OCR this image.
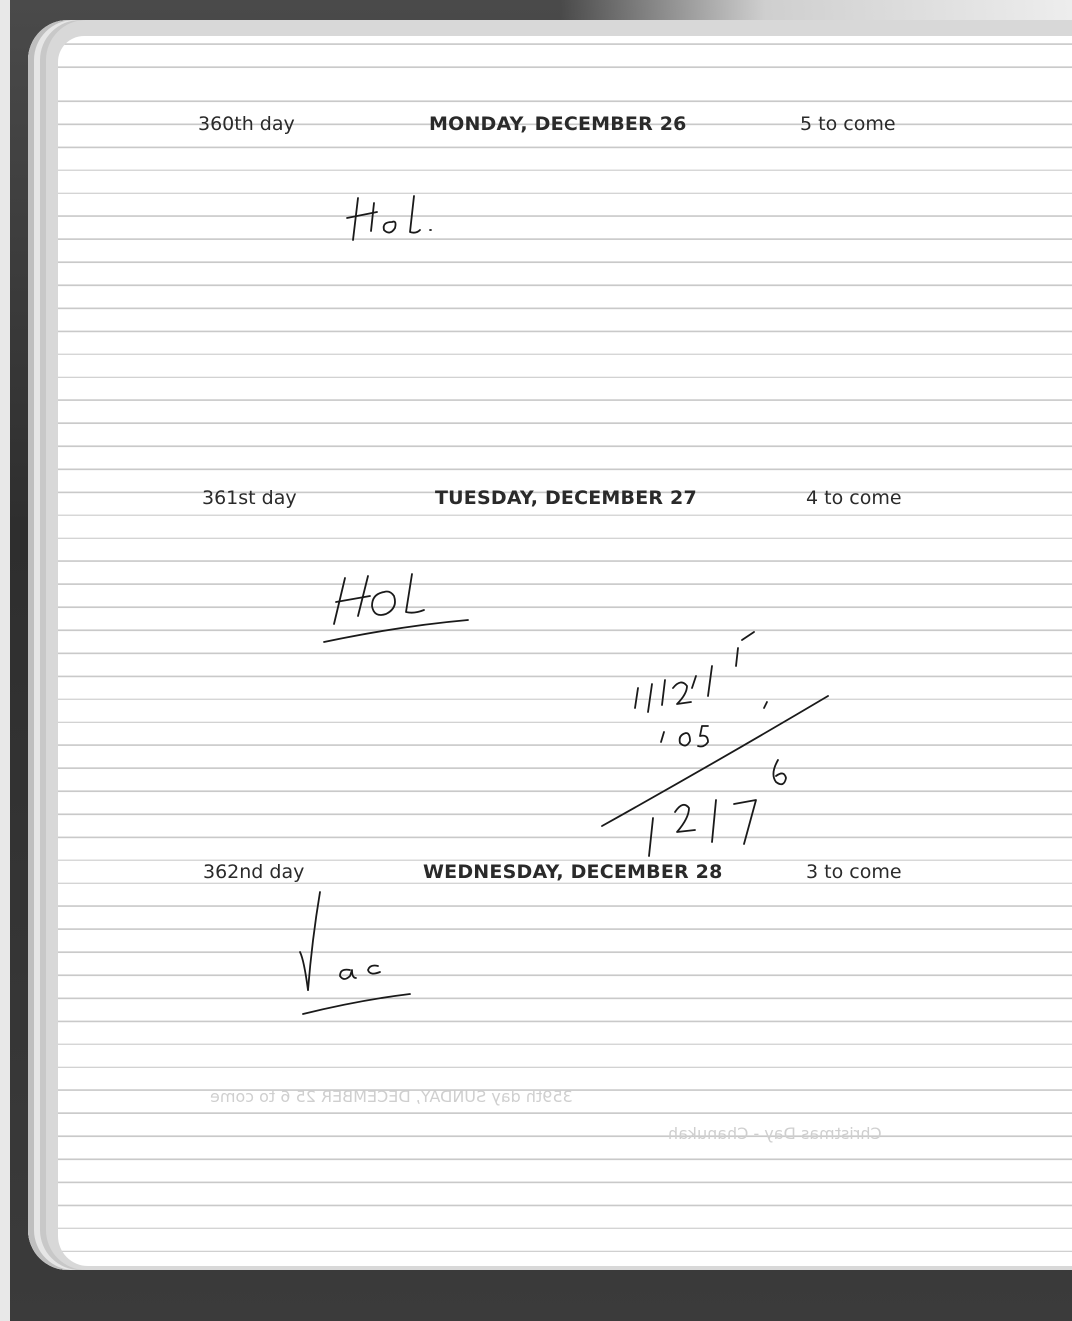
360th day	MONDAY, DECEMBER 26	5 to come
361st day	TUESDAY, DECEMBER 27	4 to come
362nd day	WEDNESDAY, DECEMBER 28	3 to come
359th day SUNDAY, DECEMBER 25 6 to come
Christmas Day - Chanukah
